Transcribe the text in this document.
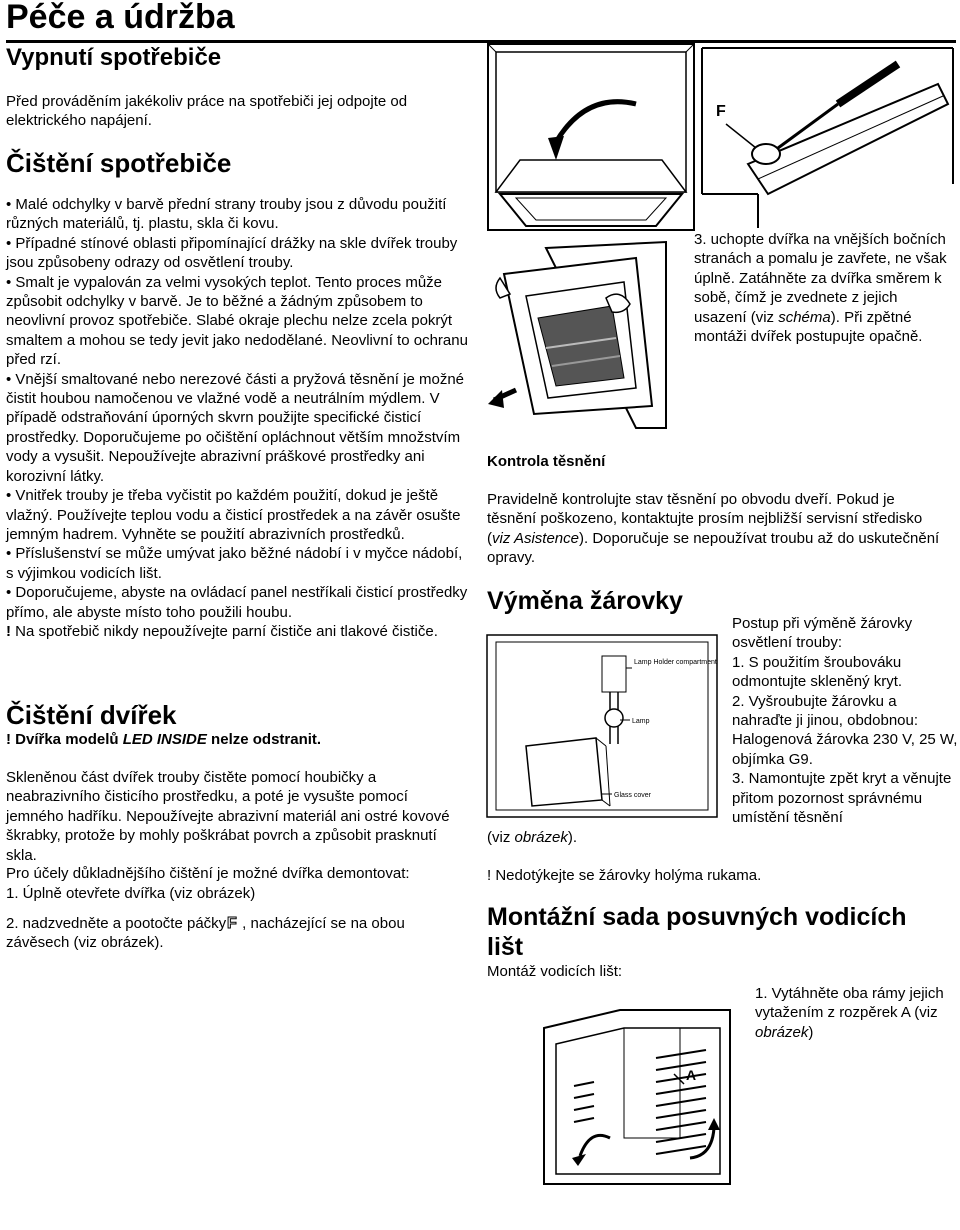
Péče a údržba
Vypnutí spotřebiče

Před prováděním jakékoliv práce na spotřebiči jej odpojte od elektrického napájení.

Čištění spotřebiče

• Malé odchylky v barvě přední strany trouby jsou z důvodu použití různých materiálů, tj. plastu, skla či kovu.

• Případné stínové oblasti připomínající drážky na skle dvířek trouby jsou způsobeny odrazy od osvětlení trouby.

• Smalt je vypalován za velmi vysokých teplot. Tento proces může způsobit odchylky v barvě. Je to běžné a žádným způsobem to neovlivní provoz spotřebiče. Slabé okraje plechu nelze zcela pokrýt smaltem a mohou se tedy jevit jako nedodělané. Neovlivní to ochranu před rzí.

• Vnější smaltované nebo nerezové části a pryžová těsnění je možné čistit houbou namočenou ve vlažné vodě a neutrálním mýdlem. V případě odstraňování úporných skvrn použijte specifické čisticí prostředky. Doporučujeme po očištění opláchnout větším množstvím vody a vysušit. Nepoužívejte abrazivní práškové prostředky ani korozivní látky.

• Vnitřek trouby je třeba vyčistit po každém použití, dokud je ještě vlažný. Používejte teplou vodu a čisticí prostředek a na závěr osušte jemným hadrem. Vyhněte se použití abrazivních prostředků.

• Příslušenství se může umývat jako běžné nádobí i v myčce nádobí, s výjimkou vodicích lišt.

• Doporučujeme, abyste na ovládací panel nestříkali čisticí prostředky přímo, ale abyste místo toho použili houbu.

! Na spotřebič nikdy nepoužívejte parní čističe ani tlakové čističe.

Čištění dvířek

! Dvířka modelů LED INSIDE nelze odstranit.

Skleněnou část dvířek trouby čistěte pomocí houbičky a neabrazivního čisticího prostředku, a poté je vysušte pomocí jemného hadříku. Nepoužívejte abrazivní materiál ani ostré kovové škrabky, protože by mohly poškrábat povrch a způsobit prasknutí skla.

Pro účely důkladnějšího čištění je možné dvířka demontovat:

1. Úplně otevřete dvířka (viz obrázek)

2. nadzvedněte a pootočte páčky F , nacházející se na obou závěsech (viz obrázek).

F

3. uchopte dvířka na vnějších bočních stranách a pomalu je zavřete, ne však úplně. Zatáhněte za dvířka směrem k sobě, čímž je zvednete z jejich usazení (viz schéma). Při zpětné montáži dvířek postupujte opačně.

Kontrola těsnění

Pravidelně kontrolujte stav těsnění po obvodu dveří. Pokud je těsnění poškozeno, kontaktujte prosím nejbližší servisní středisko (viz Asistence). Doporučuje se nepoužívat troubu až do uskutečnění opravy.

Výměna žárovky
Lamp Holder compartment
Lamp
Glass cover

Postup při výměně žárovky osvětlení trouby:

1. S použitím šroubováku odmontujte skleněný kryt.

2. Vyšroubujte žárovku a nahraďte ji jinou, obdobnou: Halogenová žárovka 230 V, 25 W, objímka G9.

3. Namontujte zpět kryt a věnujte přitom pozornost správnému umístění těsnění

(viz obrázek).

! Nedotýkejte se žárovky holýma rukama.

Montážní sada posuvných vodicích lišt

Montáž vodicích lišt:

A

1. Vytáhněte oba rámy jejich vytažením z rozpěrek A (viz obrázek)
